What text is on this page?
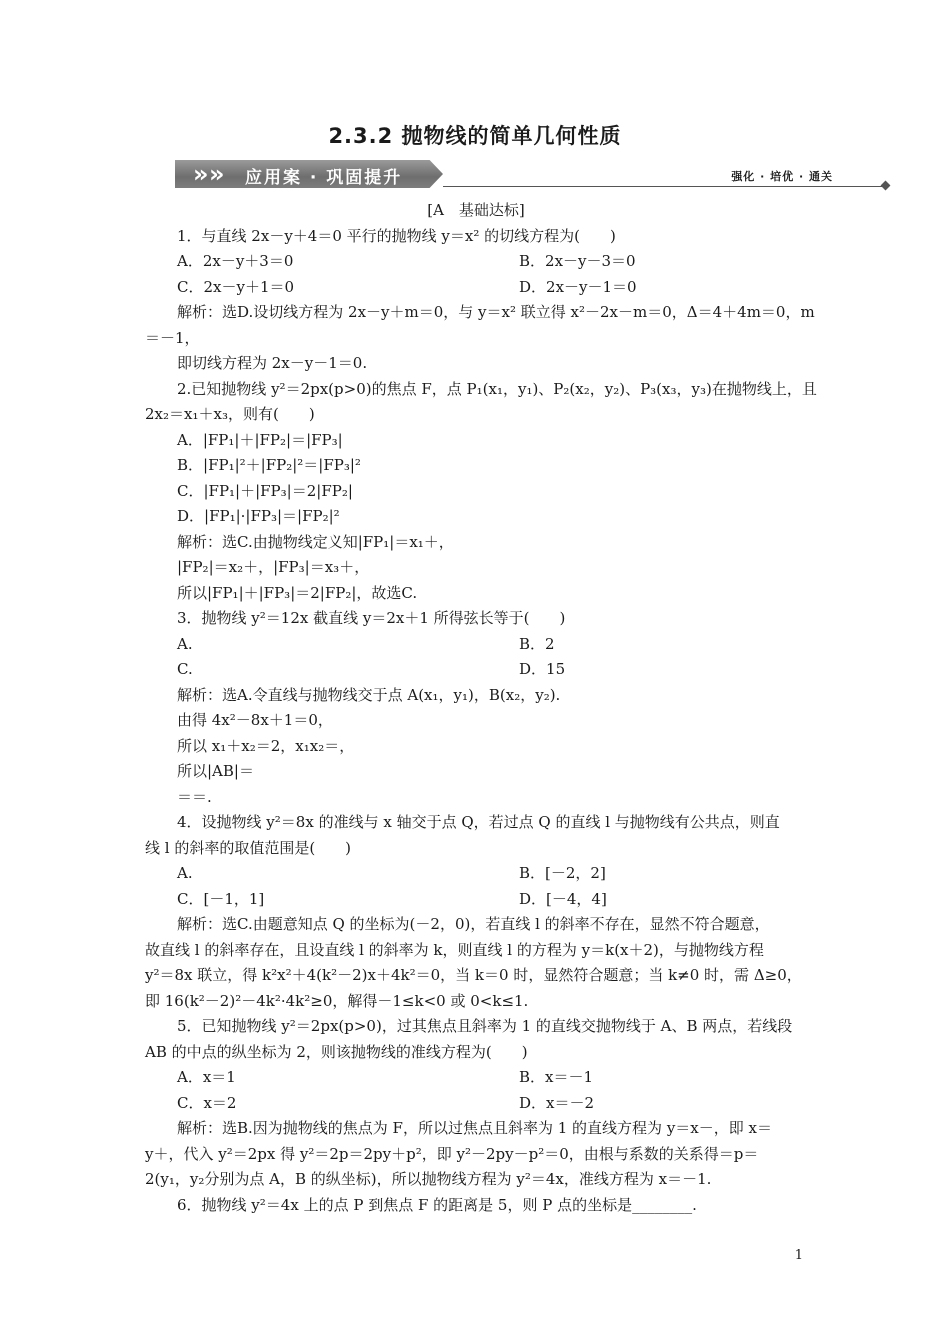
2.3.2 抛物线的简单几何性质
» » 应用案 · 巩固提升	强化 · 培优 · 通关
[A　基础达标]
1．与直线 2x－y＋4＝0 平行的抛物线 y＝x² 的切线方程为(　　)
A．2x－y＋3＝0	B．2x－y－3＝0
C．2x－y＋1＝0	D．2x－y－1＝0
解析：选D.设切线方程为 2x－y＋m＝0，与 y＝x² 联立得 x²－2x－m＝0，Δ＝4＋4m＝0，m
＝－1，
即切线方程为 2x－y－1＝0.
2.已知抛物线 y²＝2px(p>0)的焦点 F，点 P₁(x₁，y₁)、P₂(x₂，y₂)、P₃(x₃，y₃)在抛物线上，且
2x₂＝x₁＋x₃，则有(　　)
A．|FP₁|＋|FP₂|＝|FP₃|
B．|FP₁|²＋|FP₂|²＝|FP₃|²
C．|FP₁|＋|FP₃|＝2|FP₂|
D．|FP₁|·|FP₃|＝|FP₂|²
解析：选C.由抛物线定义知|FP₁|＝x₁＋，
|FP₂|＝x₂＋，|FP₃|＝x₃＋，
所以|FP₁|＋|FP₃|＝2|FP₂|，故选C.
3．抛物线 y²＝12x 截直线 y＝2x＋1 所得弦长等于(　　)
A.	B．2
C.	D．15
解析：选A.令直线与抛物线交于点 A(x₁，y₁)，B(x₂，y₂).
由得 4x²－8x＋1＝0，
所以 x₁＋x₂＝2，x₁x₂＝，
所以|AB|＝
＝＝.
4．设抛物线 y²＝8x 的准线与 x 轴交于点 Q，若过点 Q 的直线 l 与抛物线有公共点，则直
线 l 的斜率的取值范围是(　　)
A.	B．[－2，2]
C．[－1，1]	D．[－4，4]
解析：选C.由题意知点 Q 的坐标为(－2，0)，若直线 l 的斜率不存在，显然不符合题意，
故直线 l 的斜率存在，且设直线 l 的斜率为 k，则直线 l 的方程为 y＝k(x＋2)，与抛物线方程
y²＝8x 联立，得 k²x²＋4(k²－2)x＋4k²＝0，当 k＝0 时，显然符合题意；当 k≠0 时，需 Δ≥0，
即 16(k²－2)²－4k²·4k²≥0，解得－1≤k<0 或 0<k≤1.
5．已知抛物线 y²＝2px(p>0)，过其焦点且斜率为 1 的直线交抛物线于 A、B 两点，若线段
AB 的中点的纵坐标为 2，则该抛物线的准线方程为(　　)
A．x＝1	B．x＝－1
C．x＝2	D．x＝－2
解析：选B.因为抛物线的焦点为 F，所以过焦点且斜率为 1 的直线方程为 y＝x－，即 x＝
y＋，代入 y²＝2px 得 y²＝2p＝2py＋p²，即 y²－2py－p²＝0，由根与系数的关系得＝p＝
2(y₁，y₂分别为点 A，B 的纵坐标)，所以抛物线方程为 y²＝4x，准线方程为 x＝－1.
6．抛物线 y²＝4x 上的点 P 到焦点 F 的距离是 5，则 P 点的坐标是________.
1
